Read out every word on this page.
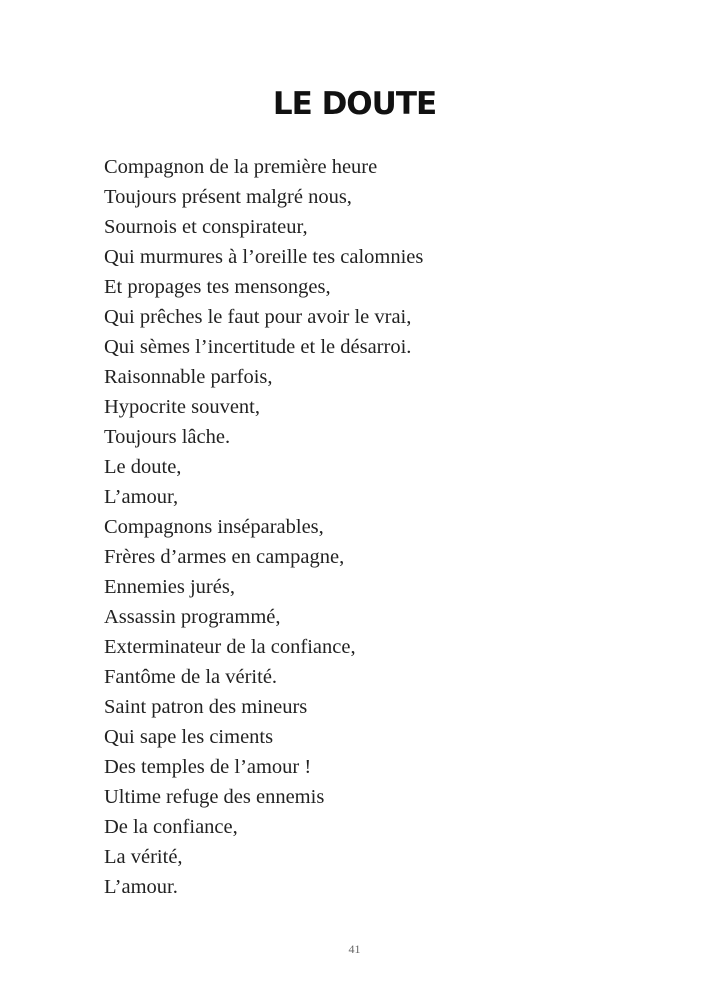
LE DOUTE
Compagnon de la première heure
Toujours présent malgré nous,
Sournois et conspirateur,
Qui murmures à l’oreille tes calomnies
Et propages tes mensonges,
Qui prêches le faut pour avoir le vrai,
Qui sèmes l’incertitude et le désarroi.
Raisonnable parfois,
Hypocrite souvent,
Toujours lâche.
Le doute,
L’amour,
Compagnons inséparables,
Frères d’armes en campagne,
Ennemies jurés,
Assassin programmé,
Exterminateur de la confiance,
Fantôme de la vérité.
Saint patron des mineurs
Qui sape les ciments
Des temples de l’amour !
Ultime refuge des ennemis
De la confiance,
La vérité,
L’amour.
41
